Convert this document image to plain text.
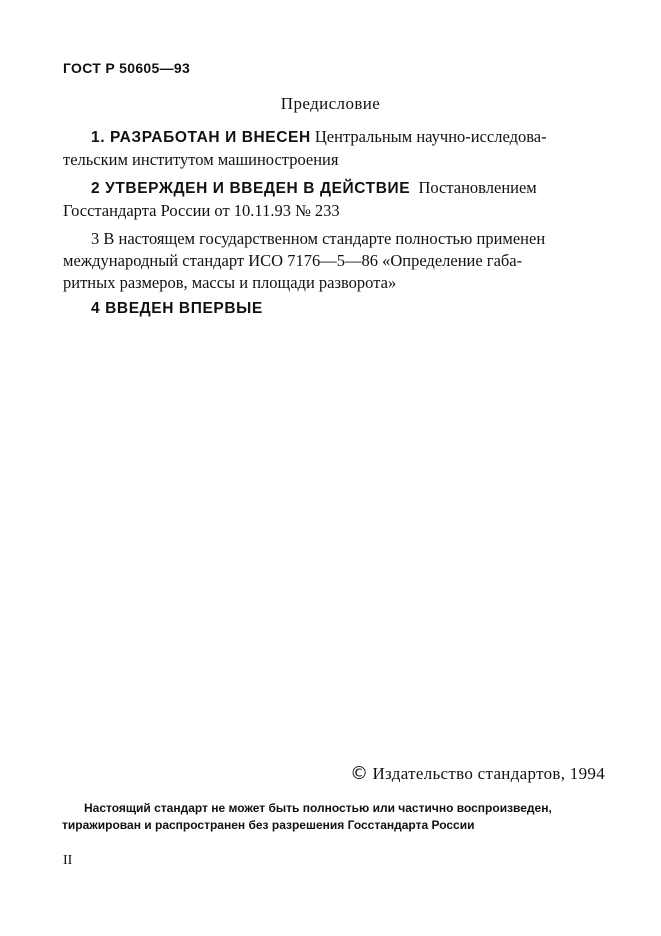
ГОСТ Р 50605—93
Предисловие
1. РАЗРАБОТАН И ВНЕСЕН Центральным научно-исследова-
тельским институтом машиностроения
2 УТВЕРЖДЕН И ВВЕДЕН В ДЕЙСТВИЕ Постановлением
Госстандарта России от 10.11.93 № 233
3 В настоящем государственном стандарте полностью применен
международный стандарт ИСО 7176—5—86 «Определение габа-
ритных размеров, массы и площади разворота»
4 ВВЕДЕН ВПЕРВЫЕ
© Издательство стандартов, 1994
Настоящий стандарт не может быть полностью или частично воспроизведен,
тиражирован и распространен без разрешения Госстандарта России
II
